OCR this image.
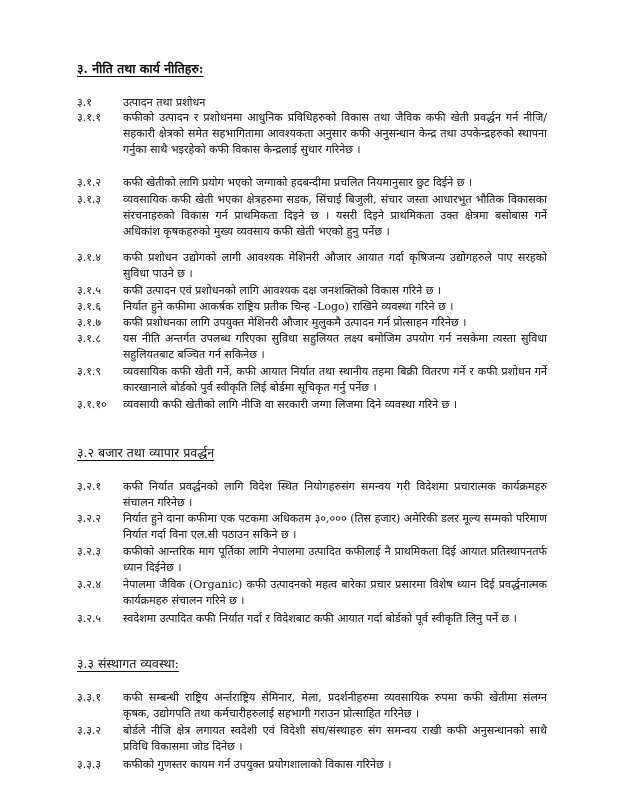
३. नीति तथा कार्य नीतिहरु:
३.१	उत्पादन तथा प्रशोधन
३.१.१	कफीको उत्पादन र प्रशोधनमा आधुनिक प्रविधिहरुको विकास तथा जैविक कफी खेती प्रवर्द्धन गर्न नीजि/सहकारी क्षेत्रको समेत सहभागितामा आवश्यकता अनुसार कफी अनुसन्धान केन्द्र तथा उपकेन्द्रहरुको स्थापना गर्नुका साथै भइरहेको कफी विकास केन्द्रलाई सुधार गरिनेछ ।
३.१.२	कफी खेतीको लागि प्रयोग भएको जग्गाको हदबन्दीमा प्रचलित नियमानुसार छुट दिईने छ ।
३.१.३	व्यवसायिक कफी खेती भएका क्षेत्रहरुमा सडक, सिंचाई बिजुली, संचार जस्ता आधारभुत भौतिक विकासका संरचनाहरुको विकास गर्न प्राथमिकता दिइने छ । यसरी दिइने प्राथमिकता उक्त क्षेत्रमा बसोबास गर्ने अधिकांश कृषकहरुको मुख्य व्यवसाय कफी खेती भएको हुनु पर्नेछ ।
३.१.४	कफी प्रशोधन उद्योगको लागी आवश्यक मेशिनरी औजार आयात गर्दा कृषिजन्य उद्योगहरुले पाए सरहको सुविधा पाउने छ ।
३.१.५	कफी उत्पादन एवं प्रशोधनको लागि आवश्यक दक्ष जनशक्तिको विकास गरिने छ ।
३.१.६	निर्यात हुने कफीमा आकर्षक राष्ट्रिय प्रतीक चिन्ह -Logo) राखिने व्यवस्था गरिने छ ।
३.१.७	कफी प्रशोधनका लागि उपयुक्त मेशिनरी औजार मुलुकमै उत्पादन गर्न प्रोत्साहन गरिनेछ ।
३.१.८	यस नीति अन्तर्गत उपलब्ध गरिएका सुविधा सहुलियत लक्ष्य बमोजिम उपयोग गर्न नसकेमा त्यस्ता सुविधा सहुलियतबाट बञ्चित गर्न सकिनेछ ।
३.१.९	व्यवसायिक कफी खेती गर्ने, कफी आयात निर्यात तथा स्थानीय तहमा बिक्री वितरण गर्ने र कफी प्रशोधन गर्ने कारखानाले बोर्डको पुर्व स्वीकृति लिई बोर्डमा सूचिकृत गर्नु पर्नेछ ।
३.१.१०	व्यवसायी कफी खेतीको लागि नीजि वा सरकारी जग्गा लिजमा दिने व्यवस्था गरिने छ ।
३.२ बजार तथा व्यापार प्रवर्द्धन
३.२.१	कफी निर्यात प्रवर्द्धनको लागि विदेश स्थित नियोगहरुसंग समन्वय गरी विदेशमा प्रचारात्मक कार्यक्रमहरु संचालन गरिनेछ ।
३.२.२	निर्यात हुने दाना कफीमा एक पटकमा अधिकतम ३०,००० (तिस हजार) अमेरिकी डलर मूल्य सम्मको परिमाण निर्यात गर्दा विना एल.सी पठाउन सकिने छ ।
३.२.३	कफीको आन्तरिक माग पूर्तिका लागि नेपालमा उत्पादित कफीलाई नै प्राथमिकता दिई आयात प्रतिस्थापनतर्फ ध्यान दिईनेछ ।
३.२.४	नेपालमा जैविक (Organic) कफी उत्पादनको महत्व बारेका प्रचार प्रसारमा विशेष ध्यान दिई प्रवर्द्धनात्मक कार्यक्रमहरु संचालन गरिने छ ।
३.२.५	स्वदेशमा उत्पादित कफी निर्यात गर्दा र विदेशबाट कफी आयात गर्दा बोर्डको पूर्व स्वीकृति लिनु पर्ने छ ।
३.३ संस्थागत व्यवस्था:
३.३.१	कफी सम्बन्धी राष्ट्रिय अर्न्तराष्ट्रिय सेमिनार, मेला, प्रदर्शनीहरुमा व्यवसायिक रुपमा कफी खेतीमा संलग्न कृषक, उद्योगपति तथा कर्मचारीहरुलाई सहभागी गराउन प्रोत्साहित गरिनेछ ।
३.३.२	बोर्डले नीजि क्षेत्र लगायत स्वदेशी एवं विदेशी संघ/संस्थाहरु संग समन्वय राखी कफी अनुसन्धानको साथै प्रविधि विकासमा जोड दिनेछ ।
३.३.३	कफीको गुणस्तर कायम गर्न उपयुक्त प्रयोगशालाको विकास गरिनेछ ।
